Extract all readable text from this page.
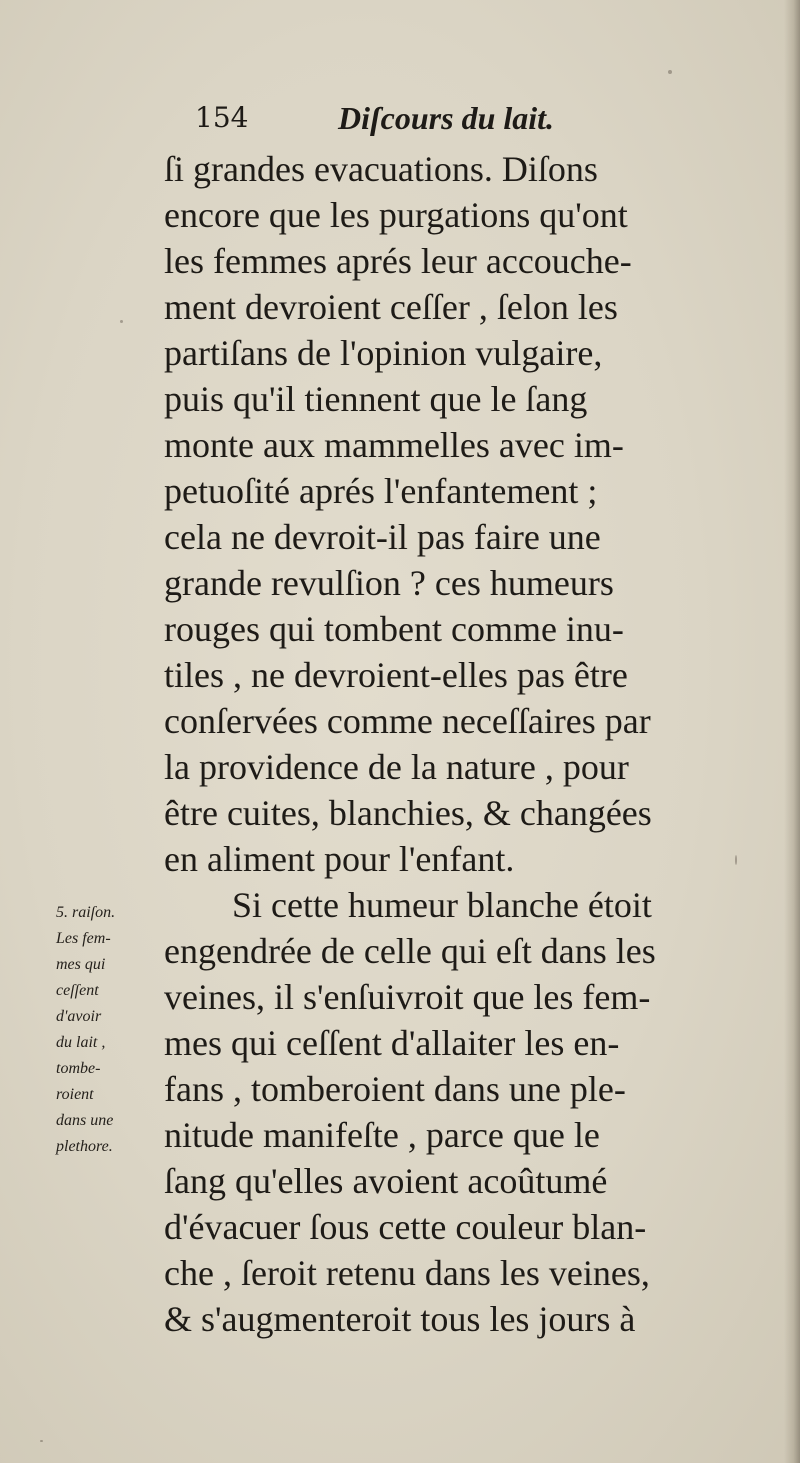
154	Diſcours du lait.
ſi grandes evacuations. Diſons
encore que les purgations qu'ont
les femmes aprés leur accouche-
ment devroient ceſſer , ſelon les
partiſans de l'opinion vulgaire,
puis qu'il tiennent que le ſang
monte aux mammelles avec im-
petuoſité aprés l'enfantement ;
cela ne devroit-il pas faire une
grande revulſion ? ces humeurs
rouges qui tombent comme inu-
tiles , ne devroient-elles pas être
conſervées comme neceſſaires par
la providence de la nature , pour
être cuites, blanchies, & changées
en aliment pour l'enfant.
Si cette humeur blanche étoit
engendrée de celle qui eſt dans les
veines, il s'enſuivroit que les fem-
mes qui ceſſent d'allaiter les en-
fans , tomberoient dans une ple-
nitude manifeſte , parce que le
ſang qu'elles avoient acoûtumé
d'évacuer ſous cette couleur blan-
che , ſeroit retenu dans les veines,
& s'augmenteroit tous les jours à
5. raiſon.
Les fem-
mes qui
ceſſent
d'avoir
du lait ,
tombe-
roient
dans une
plethore.
